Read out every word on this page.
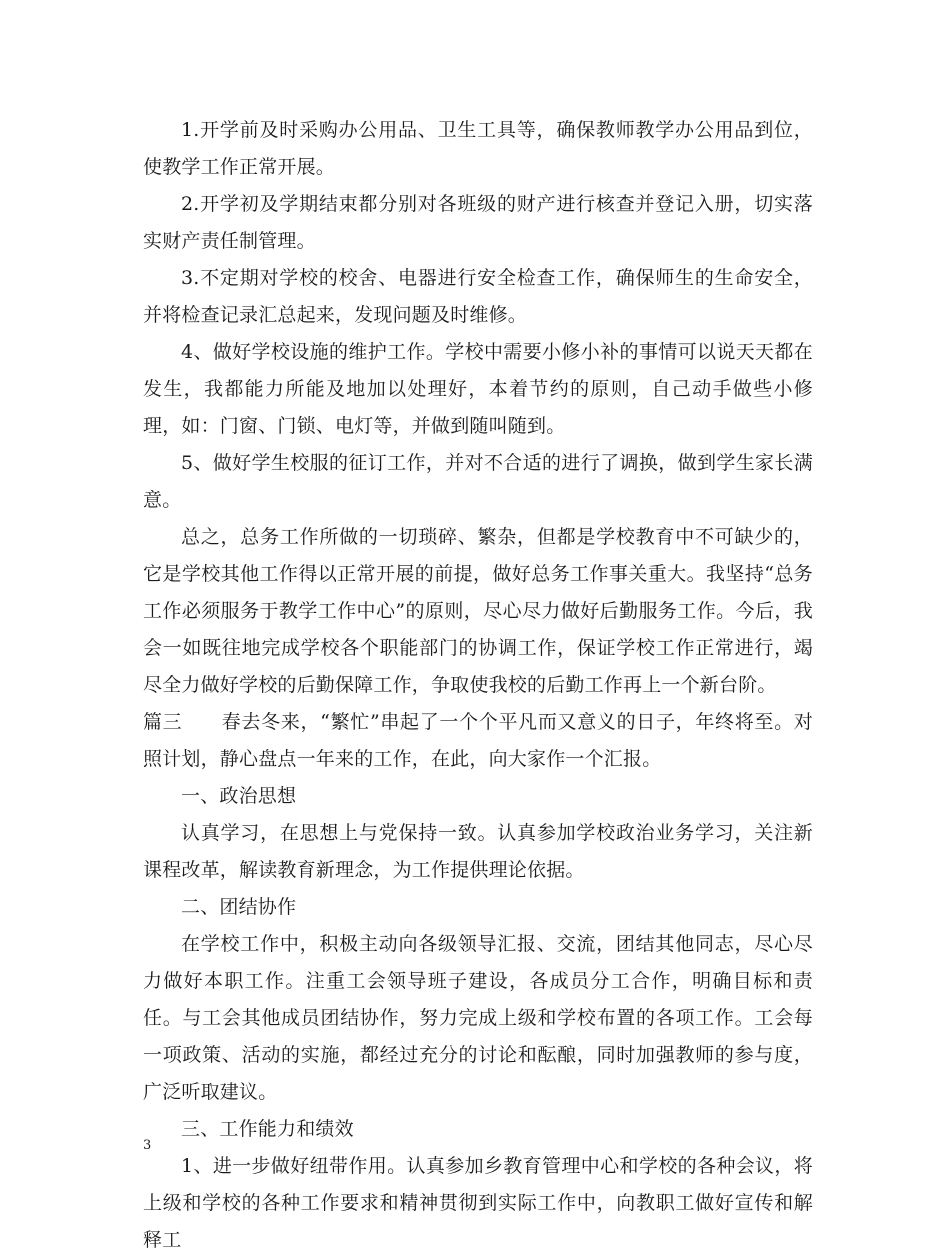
1.开学前及时采购办公用品、卫生工具等，确保教师教学办公用品到位，使教学工作正常开展。

2.开学初及学期结束都分别对各班级的财产进行核查并登记入册，切实落实财产责任制管理。

3.不定期对学校的校舍、电器进行安全检查工作，确保师生的生命安全，并将检查记录汇总起来，发现问题及时维修。

4、做好学校设施的维护工作。学校中需要小修小补的事情可以说天天都在发生，我都能力所能及地加以处理好，本着节约的原则，自己动手做些小修理，如：门窗、门锁、电灯等，并做到随叫随到。

5、做好学生校服的征订工作，并对不合适的进行了调换，做到学生家长满意。

总之，总务工作所做的一切琐碎、繁杂，但都是学校教育中不可缺少的，它是学校其他工作得以正常开展的前提，做好总务工作事关重大。我坚持“总务工作必须服务于教学工作中心”的原则，尽心尽力做好后勤服务工作。今后，我会一如既往地完成学校各个职能部门的协调工作，保证学校工作正常进行，竭尽全力做好学校的后勤保障工作，争取使我校的后勤工作再上一个新台阶。

篇三　　春去冬来，“繁忙”串起了一个个平凡而又意义的日子，年终将至。对照计划，静心盘点一年来的工作，在此，向大家作一个汇报。

一、政治思想

认真学习，在思想上与党保持一致。认真参加学校政治业务学习，关注新课程改革，解读教育新理念，为工作提供理论依据。

二、团结协作

在学校工作中，积极主动向各级领导汇报、交流，团结其他同志，尽心尽力做好本职工作。注重工会领导班子建设，各成员分工合作，明确目标和责任。与工会其他成员团结协作，努力完成上级和学校布置的各项工作。工会每一项政策、活动的实施，都经过充分的讨论和酝酿，同时加强教师的参与度，广泛听取建议。

三、工作能力和绩效

1、进一步做好纽带作用。认真参加乡教育管理中心和学校的各种会议，将上级和学校的各种工作要求和精神贯彻到实际工作中，向教职工做好宣传和解释工

3
